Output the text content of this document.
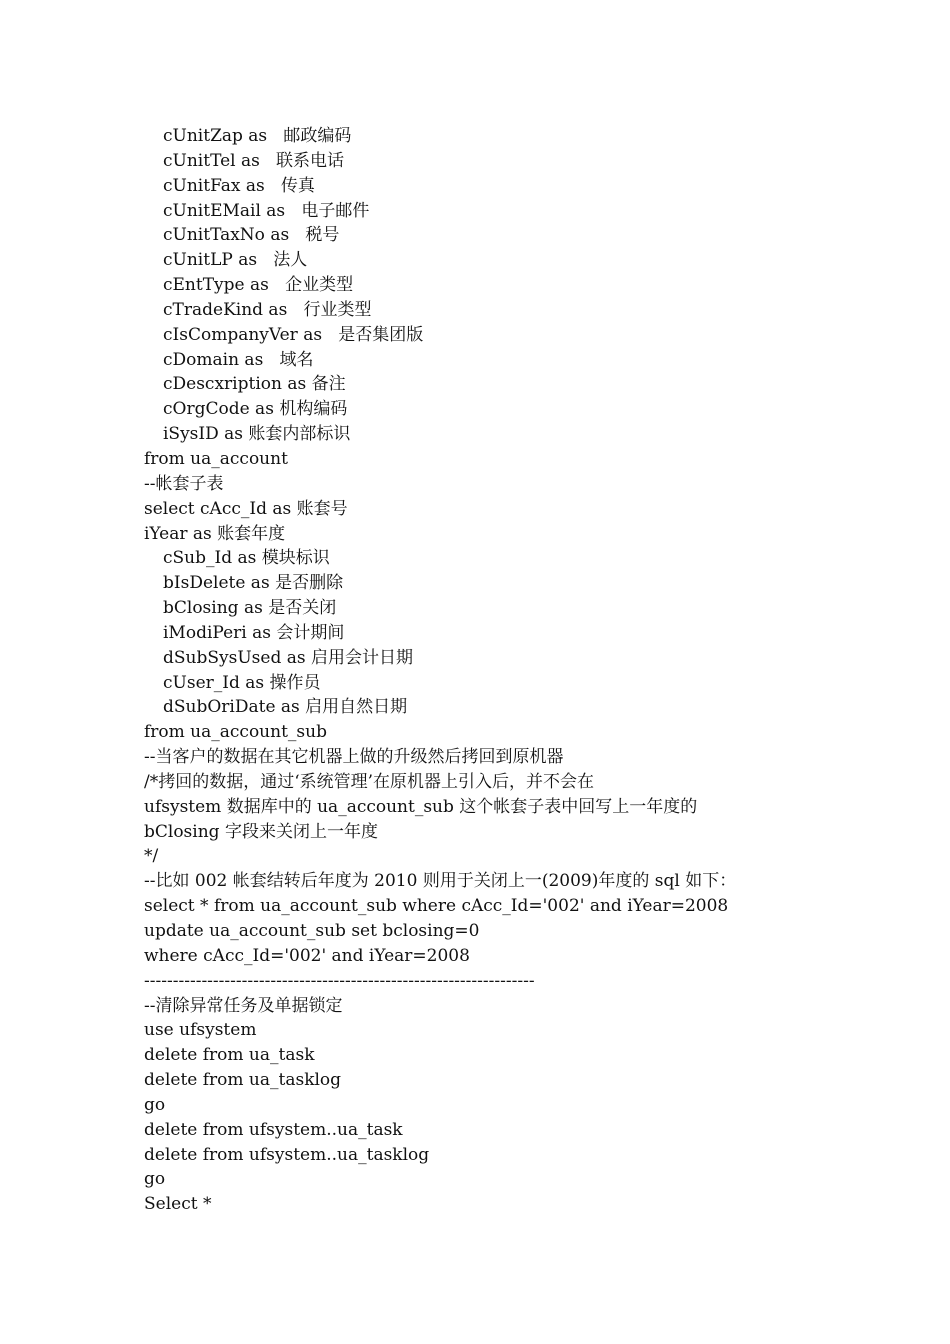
cUnitZap as   邮政编码
cUnitTel as   联系电话
cUnitFax as   传真
cUnitEMail as   电子邮件
cUnitTaxNo as   税号
cUnitLP as   法人
cEntType as   企业类型
cTradeKind as   行业类型
cIsCompanyVer as   是否集团版
cDomain as   域名
cDescxription as 备注
cOrgCode as 机构编码
iSysID as 账套内部标识
from ua_account
--帐套子表
select cAcc_Id as 账套号
iYear as 账套年度
cSub_Id as 模块标识
bIsDelete as 是否删除
bClosing as 是否关闭
iModiPeri as 会计期间
dSubSysUsed as 启用会计日期
cUser_Id as 操作员
dSubOriDate as 启用自然日期
from ua_account_sub
--当客户的数据在其它机器上做的升级然后拷回到原机器
/*拷回的数据，通过‘系统管理’在原机器上引入后，并不会在
ufsystem 数据库中的 ua_account_sub 这个帐套子表中回写上一年度的
bClosing 字段来关闭上一年度
*/
--比如 002 帐套结转后年度为 2010 则用于关闭上一(2009)年度的 sql 如下：
select * from ua_account_sub where cAcc_Id='002' and iYear=2008
update ua_account_sub set bclosing=0
where cAcc_Id='002' and iYear=2008
--------------------------------------------------------------------
--清除异常任务及单据锁定
use ufsystem
delete from ua_task
delete from ua_tasklog
go
delete from ufsystem..ua_task
delete from ufsystem..ua_tasklog
go
Select *
